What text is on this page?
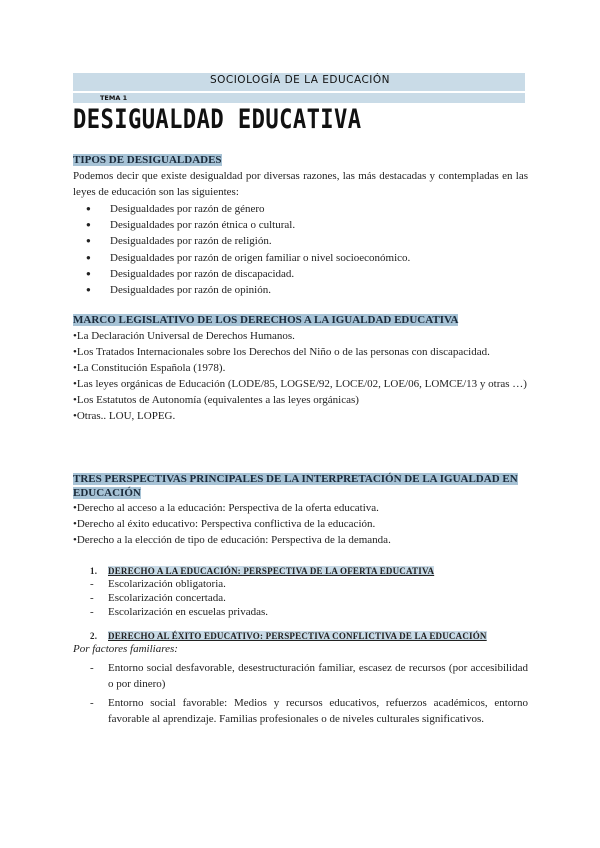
SOCIOLOGÍA DE LA EDUCACIÓN
TEMA 1
DESIGUALDAD EDUCATIVA
TIPOS DE DESIGUALDADES
Podemos decir que existe desigualdad por diversas razones, las más destacadas y contempladas en las leyes de educación son las siguientes:
● Desigualdades por razón de género
● Desigualdades por razón étnica o cultural.
● Desigualdades por razón de religión.
● Desigualdades por razón de origen familiar o nivel socioeconómico.
● Desigualdades por razón de discapacidad.
● Desigualdades por razón de opinión.
MARCO LEGISLATIVO DE LOS DERECHOS A LA IGUALDAD EDUCATIVA
•La Declaración Universal de Derechos Humanos.
•Los Tratados Internacionales sobre los Derechos del Niño o de las personas con discapacidad.
•La Constitución Española (1978).
•Las leyes orgánicas de Educación (LODE/85, LOGSE/92, LOCE/02, LOE/06, LOMCE/13 y otras …)
•Los Estatutos de Autonomía (equivalentes a las leyes orgánicas)
•Otras.. LOU, LOPEG.
TRES PERSPECTIVAS PRINCIPALES DE LA INTERPRETACIÓN DE LA IGUALDAD EN
EDUCACIÓN
•Derecho al acceso a la educación: Perspectiva de la oferta educativa.
•Derecho al éxito educativo: Perspectiva conflictiva de la educación.
•Derecho a la elección de tipo de educación: Perspectiva de la demanda.
1. DERECHO A LA EDUCACIÓN: PERSPECTIVA DE LA OFERTA EDUCATIVA
- Escolarización obligatoria.
- Escolarización concertada.
- Escolarización en escuelas privadas.
2. DERECHO AL ÉXITO EDUCATIVO: PERSPECTIVA CONFLICTIVA DE LA EDUCACIÓN
Por factores familiares:
- Entorno social desfavorable, desestructuración familiar, escasez de recursos (por accesibilidad o por dinero)
- Entorno social favorable: Medios y recursos educativos, refuerzos académicos, entorno favorable al aprendizaje. Familias profesionales o de niveles culturales significativos.
